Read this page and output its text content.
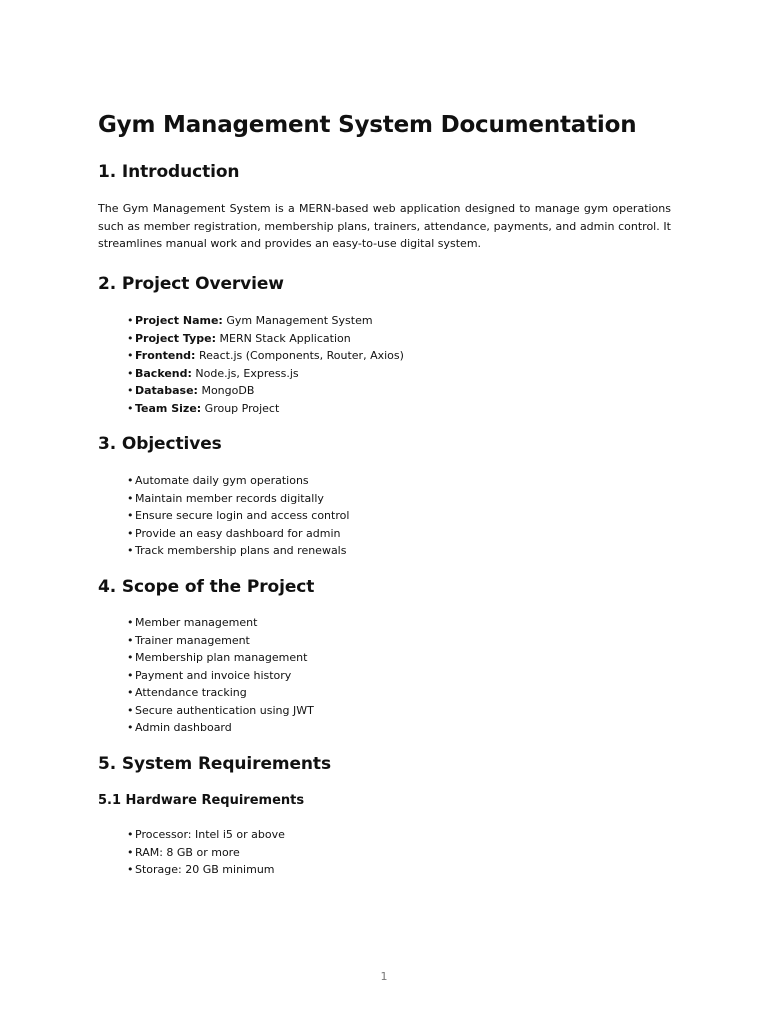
Gym Management System Documentation
1. Introduction

The Gym Management System is a MERN-based web application designed to manage gym operations such as member registration, membership plans, trainers, attendance, payments, and admin control. It streamlines manual work and provides an easy-to-use digital system.

2. Project Overview
• Project Name: Gym Management System
• Project Type: MERN Stack Application
• Frontend: React.js (Components, Router, Axios)
• Backend: Node.js, Express.js
• Database: MongoDB
• Team Size: Group Project
3. Objectives
• Automate daily gym operations
• Maintain member records digitally
• Ensure secure login and access control
• Provide an easy dashboard for admin
• Track membership plans and renewals
4. Scope of the Project
• Member management
• Trainer management
• Membership plan management
• Payment and invoice history
• Attendance tracking
• Secure authentication using JWT
• Admin dashboard
5. System Requirements
5.1 Hardware Requirements
• Processor: Intel i5 or above
• RAM: 8 GB or more
• Storage: 20 GB minimum
1
